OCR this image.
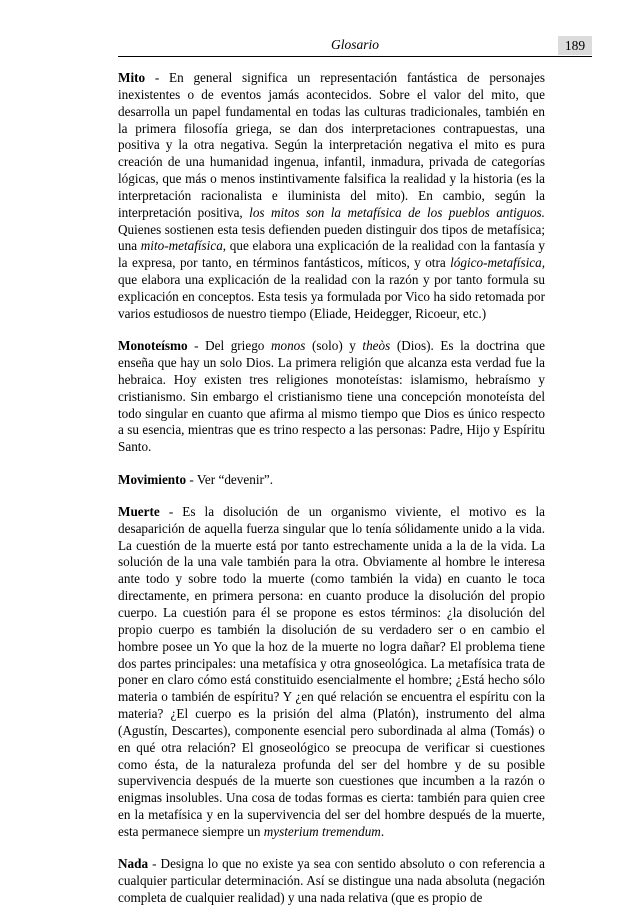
Glosario	189

Mito - En general significa un representación fantástica de personajes inexistentes o de eventos jamás acontecidos. Sobre el valor del mito, que desarrolla un papel fundamental en todas las culturas tradicionales, también en la primera filosofía griega, se dan dos interpretaciones contrapuestas, una positiva y la otra negativa. Según la interpretación negativa el mito es pura creación de una humanidad ingenua, infantil, inmadura, privada de categorías lógicas, que más o menos instintivamente falsifica la realidad y la historia (es la interpretación racionalista e iluminista del mito). En cambio, según la interpretación positiva, los mitos son la metafísica de los pueblos antiguos. Quienes sostienen esta tesis defienden pueden distinguir dos tipos de metafísica; una mito-metafísica, que elabora una explicación de la realidad con la fantasía y la expresa, por tanto, en términos fantásticos, míticos, y otra lógico-metafísica, que elabora una explicación de la realidad con la razón y por tanto formula su explicación en conceptos. Esta tesis ya formulada por Vico ha sido retomada por varios estudiosos de nuestro tiempo (Eliade, Heidegger, Ricoeur, etc.)

Monoteísmo - Del griego monos (solo) y theòs (Dios). Es la doctrina que enseña que hay un solo Dios. La primera religión que alcanza esta verdad fue la hebraica. Hoy existen tres religiones monoteístas: islamismo, hebraísmo y cristianismo. Sin embargo el cristianismo tiene una concepción monoteísta del todo singular en cuanto que afirma al mismo tiempo que Dios es único respecto a su esencia, mientras que es trino respecto a las personas: Padre, Hijo y Espíritu Santo.

Movimiento - Ver “devenir”.

Muerte - Es la disolución de un organismo viviente, el motivo es la desaparición de aquella fuerza singular que lo tenía sólidamente unido a la vida. La cuestión de la muerte está por tanto estrechamente unida a la de la vida. La solución de la una vale también para la otra. Obviamente al hombre le interesa ante todo y sobre todo la muerte (como también la vida) en cuanto le toca directamente, en primera persona: en cuanto produce la disolución del propio cuerpo. La cuestión para él se propone es estos términos: ¿la disolución del propio cuerpo es también la disolución de su verdadero ser o en cambio el hombre posee un Yo que la hoz de la muerte no logra dañar? El problema tiene dos partes principales: una metafísica y otra gnoseológica. La metafísica trata de poner en claro cómo está constituido esencialmente el hombre; ¿Está hecho sólo materia o también de espíritu? Y ¿en qué relación se encuentra el espíritu con la materia? ¿El cuerpo es la prisión del alma (Platón), instrumento del alma (Agustín, Descartes), componente esencial pero subordinada al alma (Tomás) o en qué otra relación? El gnoseológico se preocupa de verificar si cuestiones como ésta, de la naturaleza profunda del ser del hombre y de su posible supervivencia después de la muerte son cuestiones que incumben a la razón o enigmas insolubles. Una cosa de todas formas es cierta: también para quien cree en la metafísica y en la supervivencia del ser del hombre después de la muerte, esta permanece siempre un mysterium tremendum.

Nada - Designa lo que no existe ya sea con sentido absoluto o con referencia a cualquier particular determinación. Así se distingue una nada absoluta (negación completa de cualquier realidad) y una nada relativa (que es propio de
